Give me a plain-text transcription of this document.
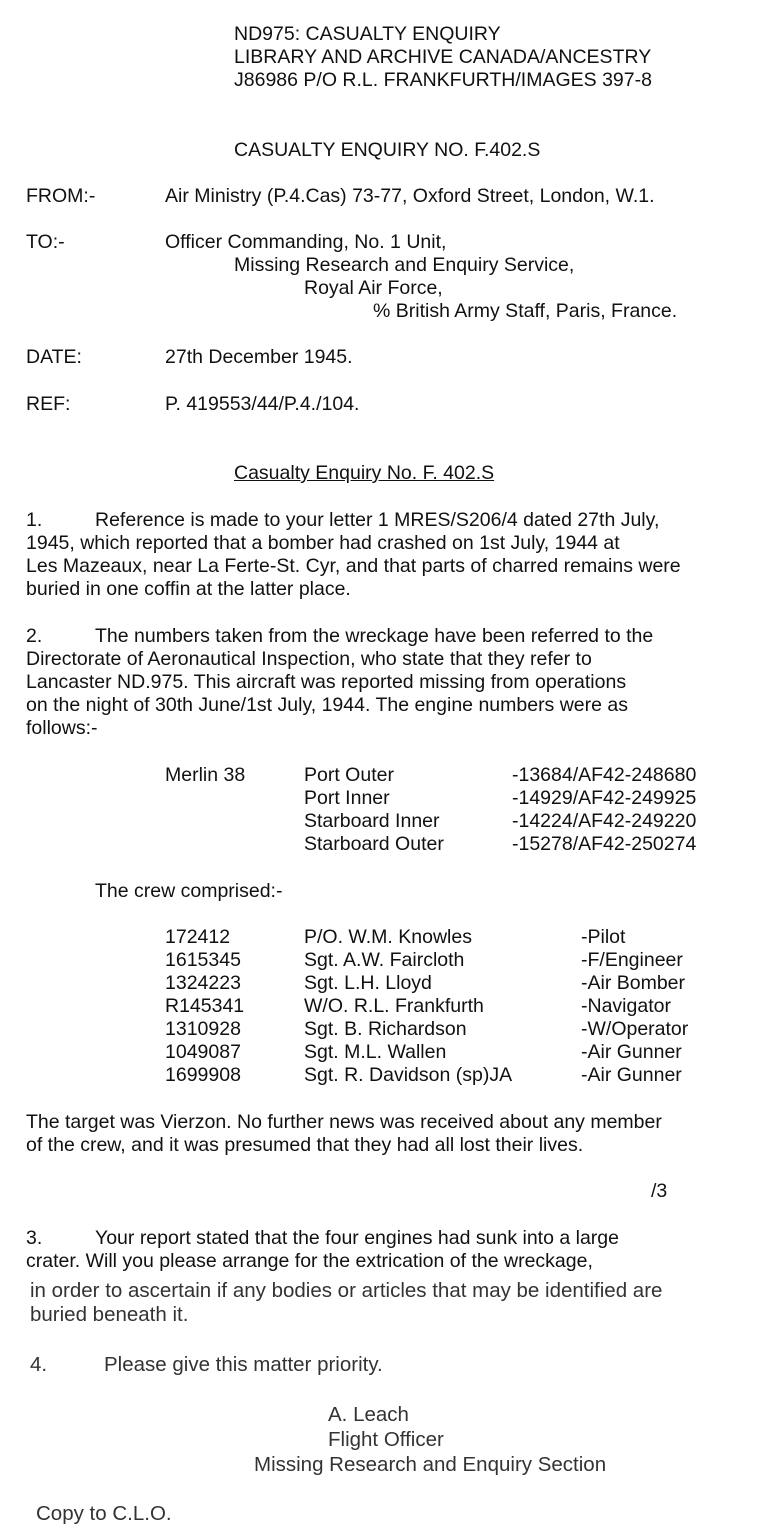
ND975: CASUALTY ENQUIRY
LIBRARY AND ARCHIVE CANADA/ANCESTRY
J86986 P/O R.L. FRANKFURTH/IMAGES 397-8
CASUALTY ENQUIRY NO. F.402.S
FROM:-	Air Ministry (P.4.Cas) 73-77, Oxford Street, London, W.1.
TO:-	Officer Commanding, No. 1 Unit,
Missing Research and Enquiry Service,
Royal Air Force,
% British Army Staff, Paris, France.
DATE:	27th December 1945.
REF:	P. 419553/44/P.4./104.
Casualty Enquiry No. F. 402.S
1.	Reference is made to your letter 1 MRES/S206/4 dated 27th July,
1945, which reported that a bomber had crashed on 1st July, 1944 at
Les Mazeaux, near La Ferte-St. Cyr, and that parts of charred remains were
buried in one coffin at the latter place.
2.	The numbers taken from the wreckage have been referred to the
Directorate of Aeronautical Inspection, who state that they refer to
Lancaster ND.975. This aircraft was reported missing from operations
on the night of 30th June/1st July, 1944. The engine numbers were as
follows:-
Merlin 38	Port Outer	-13684/AF42-248680
Port Inner	-14929/AF42-249925
Starboard Inner	-14224/AF42-249220
Starboard Outer	-15278/AF42-250274
The crew comprised:-
172412	P/O. W.M. Knowles	-Pilot
1615345	Sgt. A.W. Faircloth	-F/Engineer
1324223	Sgt. L.H. Lloyd	-Air Bomber
R145341	W/O. R.L. Frankfurth	-Navigator
1310928	Sgt. B. Richardson	-W/Operator
1049087	Sgt. M.L. Wallen	-Air Gunner
1699908	Sgt. R. Davidson (sp)JA	-Air Gunner
The target was Vierzon. No further news was received about any member
of the crew, and it was presumed that they had all lost their lives.
/3
3.	Your report stated that the four engines had sunk into a large
crater. Will you please arrange for the extrication of the wreckage,
in order to ascertain if any bodies or articles that may be identified are
buried beneath it.
4.	Please give this matter priority.
A. Leach
Flight Officer
Missing Research and Enquiry Section
Copy to C.L.O.
